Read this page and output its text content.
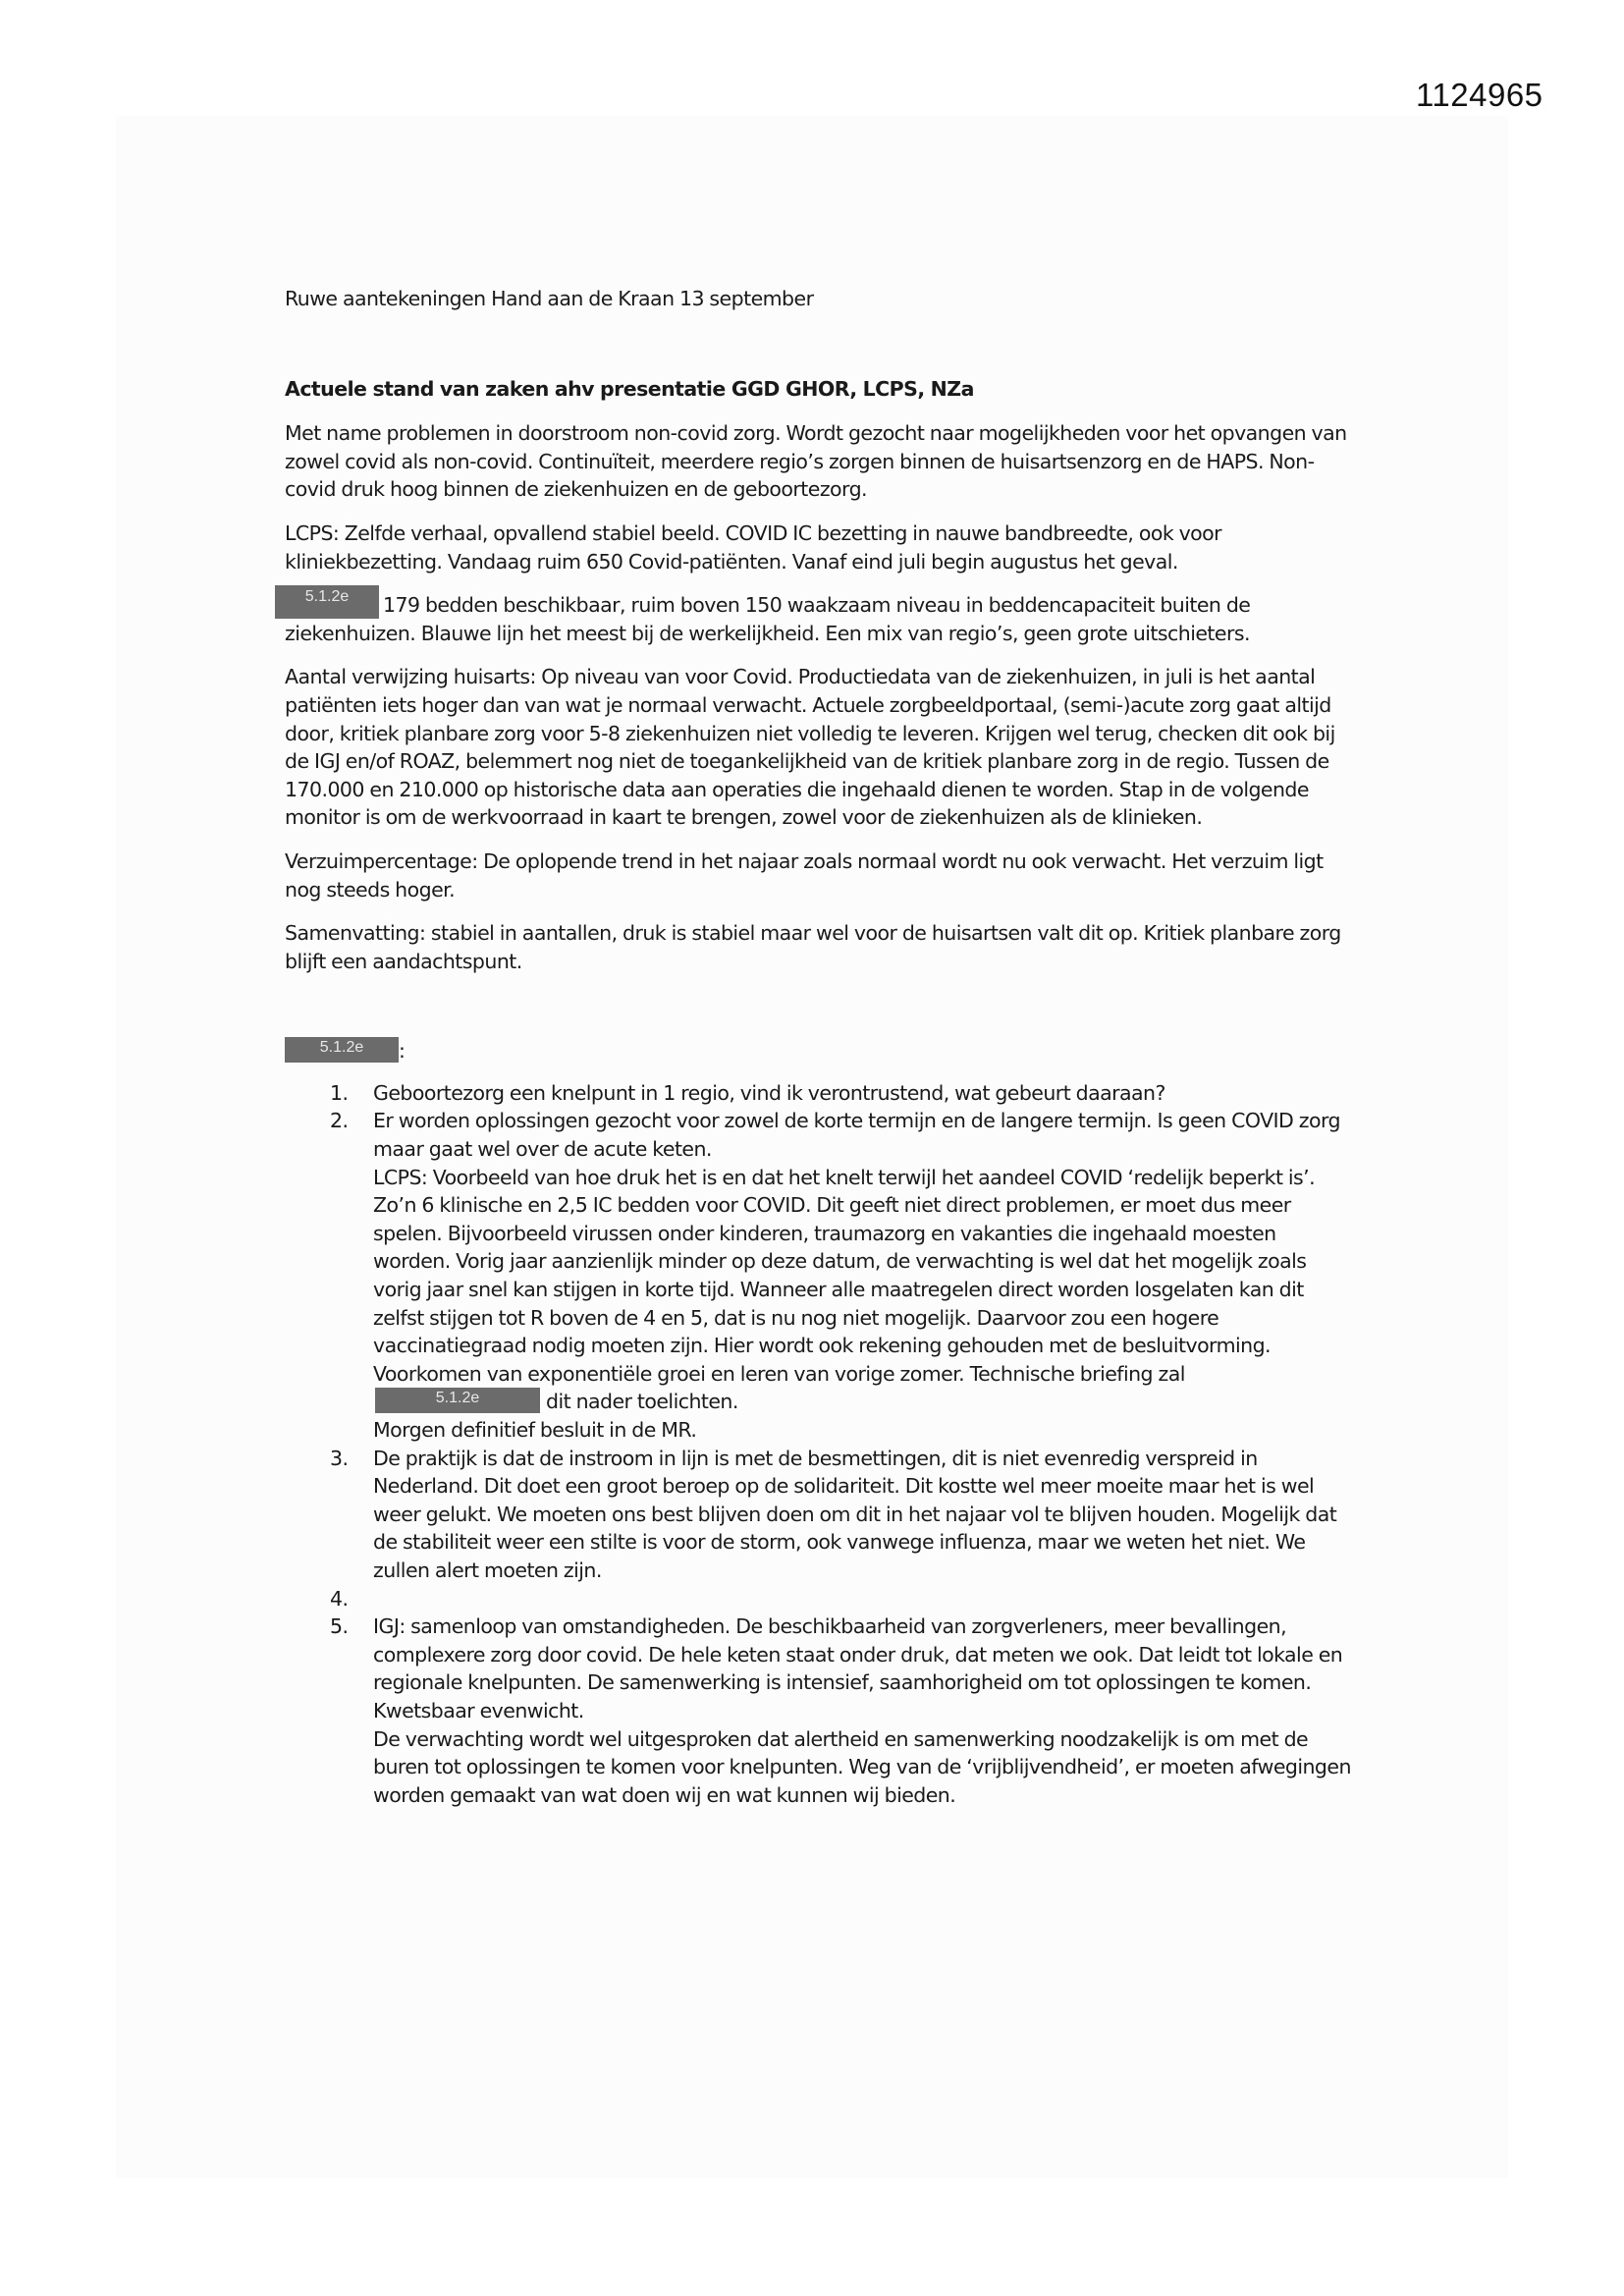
1124965

Ruwe aantekeningen Hand aan de Kraan 13 september

Actuele stand van zaken ahv presentatie GGD GHOR, LCPS, NZa

Met name problemen in doorstroom non-covid zorg. Wordt gezocht naar mogelijkheden voor het opvangen van zowel covid als non-covid. Continuïteit, meerdere regio’s zorgen binnen de huisartsenzorg en de HAPS. Non-covid druk hoog binnen de ziekenhuizen en de geboortezorg.

LCPS: Zelfde verhaal, opvallend stabiel beeld. COVID IC bezetting in nauwe bandbreedte, ook voor kliniekbezetting. Vandaag ruim 650 Covid-patiënten. Vanaf eind juli begin augustus het geval.

5.1.2e 179 bedden beschikbaar, ruim boven 150 waakzaam niveau in beddencapaciteit buiten de ziekenhuizen. Blauwe lijn het meest bij de werkelijkheid. Een mix van regio’s, geen grote uitschieters.

Aantal verwijzing huisarts: Op niveau van voor Covid. Productiedata van de ziekenhuizen, in juli is het aantal patiënten iets hoger dan van wat je normaal verwacht. Actuele zorgbeeldportaal, (semi-)acute zorg gaat altijd door, kritiek planbare zorg voor 5-8 ziekenhuizen niet volledig te leveren. Krijgen wel terug, checken dit ook bij de IGJ en/of ROAZ, belemmert nog niet de toegankelijkheid van de kritiek planbare zorg in de regio. Tussen de 170.000 en 210.000 op historische data aan operaties die ingehaald dienen te worden. Stap in de volgende monitor is om de werkvoorraad in kaart te brengen, zowel voor de ziekenhuizen als de klinieken.

Verzuimpercentage: De oplopende trend in het najaar zoals normaal wordt nu ook verwacht. Het verzuim ligt nog steeds hoger.

Samenvatting: stabiel in aantallen, druk is stabiel maar wel voor de huisartsen valt dit op. Kritiek planbare zorg blijft een aandachtspunt.

5.1.2e :
1. Geboortezorg een knelpunt in 1 regio, vind ik verontrustend, wat gebeurt daaraan?
2. Er worden oplossingen gezocht voor zowel de korte termijn en de langere termijn. Is geen COVID zorg maar gaat wel over de acute keten.
LCPS: Voorbeeld van hoe druk het is en dat het knelt terwijl het aandeel COVID ‘redelijk beperkt is’. Zo’n 6 klinische en 2,5 IC bedden voor COVID. Dit geeft niet direct problemen, er moet dus meer spelen. Bijvoorbeeld virussen onder kinderen, traumazorg en vakanties die ingehaald moesten worden. Vorig jaar aanzienlijk minder op deze datum, de verwachting is wel dat het mogelijk zoals vorig jaar snel kan stijgen in korte tijd. Wanneer alle maatregelen direct worden losgelaten kan dit zelfst stijgen tot R boven de 4 en 5, dat is nu nog niet mogelijk. Daarvoor zou een hogere vaccinatiegraad nodig moeten zijn. Hier wordt ook rekening gehouden met de besluitvorming. Voorkomen van exponentiële groei en leren van vorige zomer. Technische briefing zal 5.1.2e	dit nader toelichten.
Morgen definitief besluit in de MR.
3. De praktijk is dat de instroom in lijn is met de besmettingen, dit is niet evenredig verspreid in Nederland. Dit doet een groot beroep op de solidariteit. Dit kostte wel meer moeite maar het is wel weer gelukt. We moeten ons best blijven doen om dit in het najaar vol te blijven houden. Mogelijk dat de stabiliteit weer een stilte is voor de storm, ook vanwege influenza, maar we weten het niet. We zullen alert moeten zijn.
4.
5. IGJ: samenloop van omstandigheden. De beschikbaarheid van zorgverleners, meer bevallingen, complexere zorg door covid. De hele keten staat onder druk, dat meten we ook. Dat leidt tot lokale en regionale knelpunten. De samenwerking is intensief, saamhorigheid om tot oplossingen te komen. Kwetsbaar evenwicht.
De verwachting wordt wel uitgesproken dat alertheid en samenwerking noodzakelijk is om met de buren tot oplossingen te komen voor knelpunten. Weg van de ‘vrijblijvendheid’, er moeten afwegingen worden gemaakt van wat doen wij en wat kunnen wij bieden.
